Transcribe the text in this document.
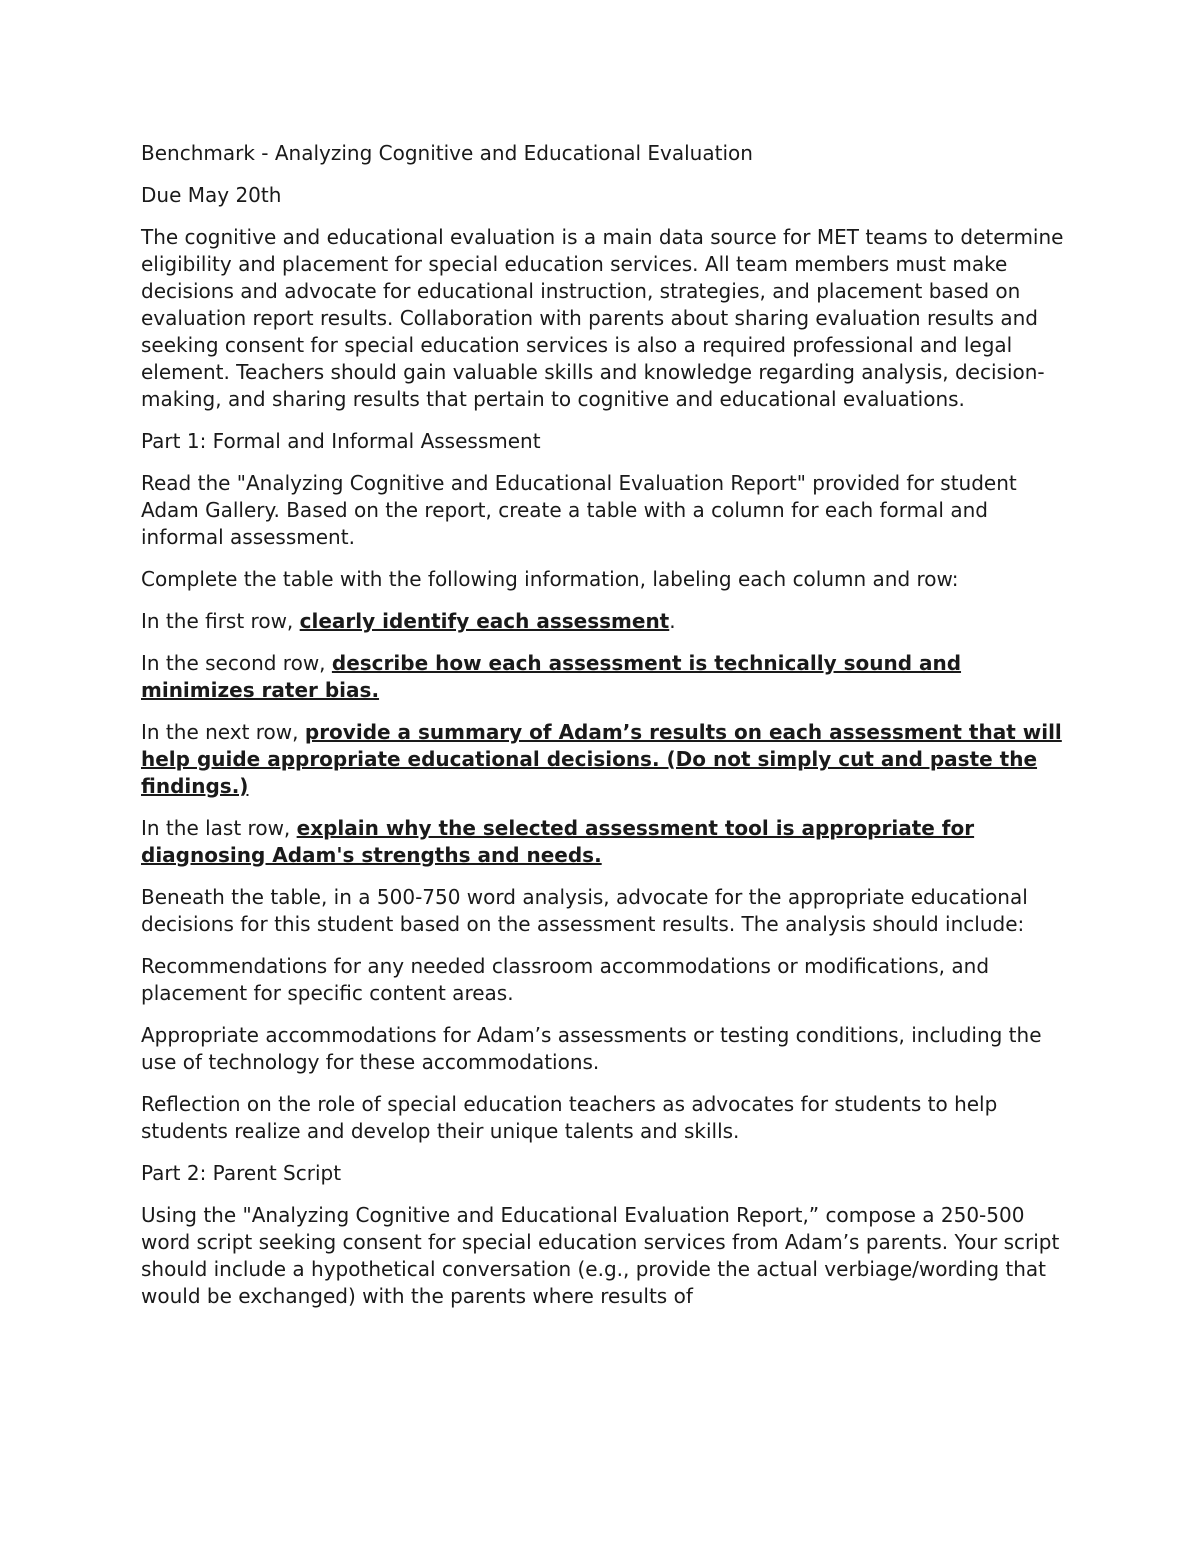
Benchmark - Analyzing Cognitive and Educational Evaluation

Due May 20th

The cognitive and educational evaluation is a main data source for MET teams to determine eligibility and placement for special education services. All team members must make decisions and advocate for educational instruction, strategies, and placement based on evaluation report results. Collaboration with parents about sharing evaluation results and seeking consent for special education services is also a required professional and legal element. Teachers should gain valuable skills and knowledge regarding analysis, decision-making, and sharing results that pertain to cognitive and educational evaluations.

Part 1: Formal and Informal Assessment

Read the "Analyzing Cognitive and Educational Evaluation Report" provided for student Adam Gallery. Based on the report, create a table with a column for each formal and informal assessment.

Complete the table with the following information, labeling each column and row:

In the first row, clearly identify each assessment.

In the second row, describe how each assessment is technically sound and minimizes rater bias.

In the next row, provide a summary of Adam’s results on each assessment that will help guide appropriate educational decisions. (Do not simply cut and paste the findings.)

In the last row, explain why the selected assessment tool is appropriate for diagnosing Adam's strengths and needs.

Beneath the table, in a 500-750 word analysis, advocate for the appropriate educational decisions for this student based on the assessment results. The analysis should include:

Recommendations for any needed classroom accommodations or modifications, and placement for specific content areas.

Appropriate accommodations for Adam’s assessments or testing conditions, including the use of technology for these accommodations.

Reflection on the role of special education teachers as advocates for students to help students realize and develop their unique talents and skills.

Part 2: Parent Script

Using the "Analyzing Cognitive and Educational Evaluation Report,” compose a 250-500 word script seeking consent for special education services from Adam’s parents. Your script should include a hypothetical conversation (e.g., provide the actual verbiage/wording that would be exchanged) with the parents where results of
